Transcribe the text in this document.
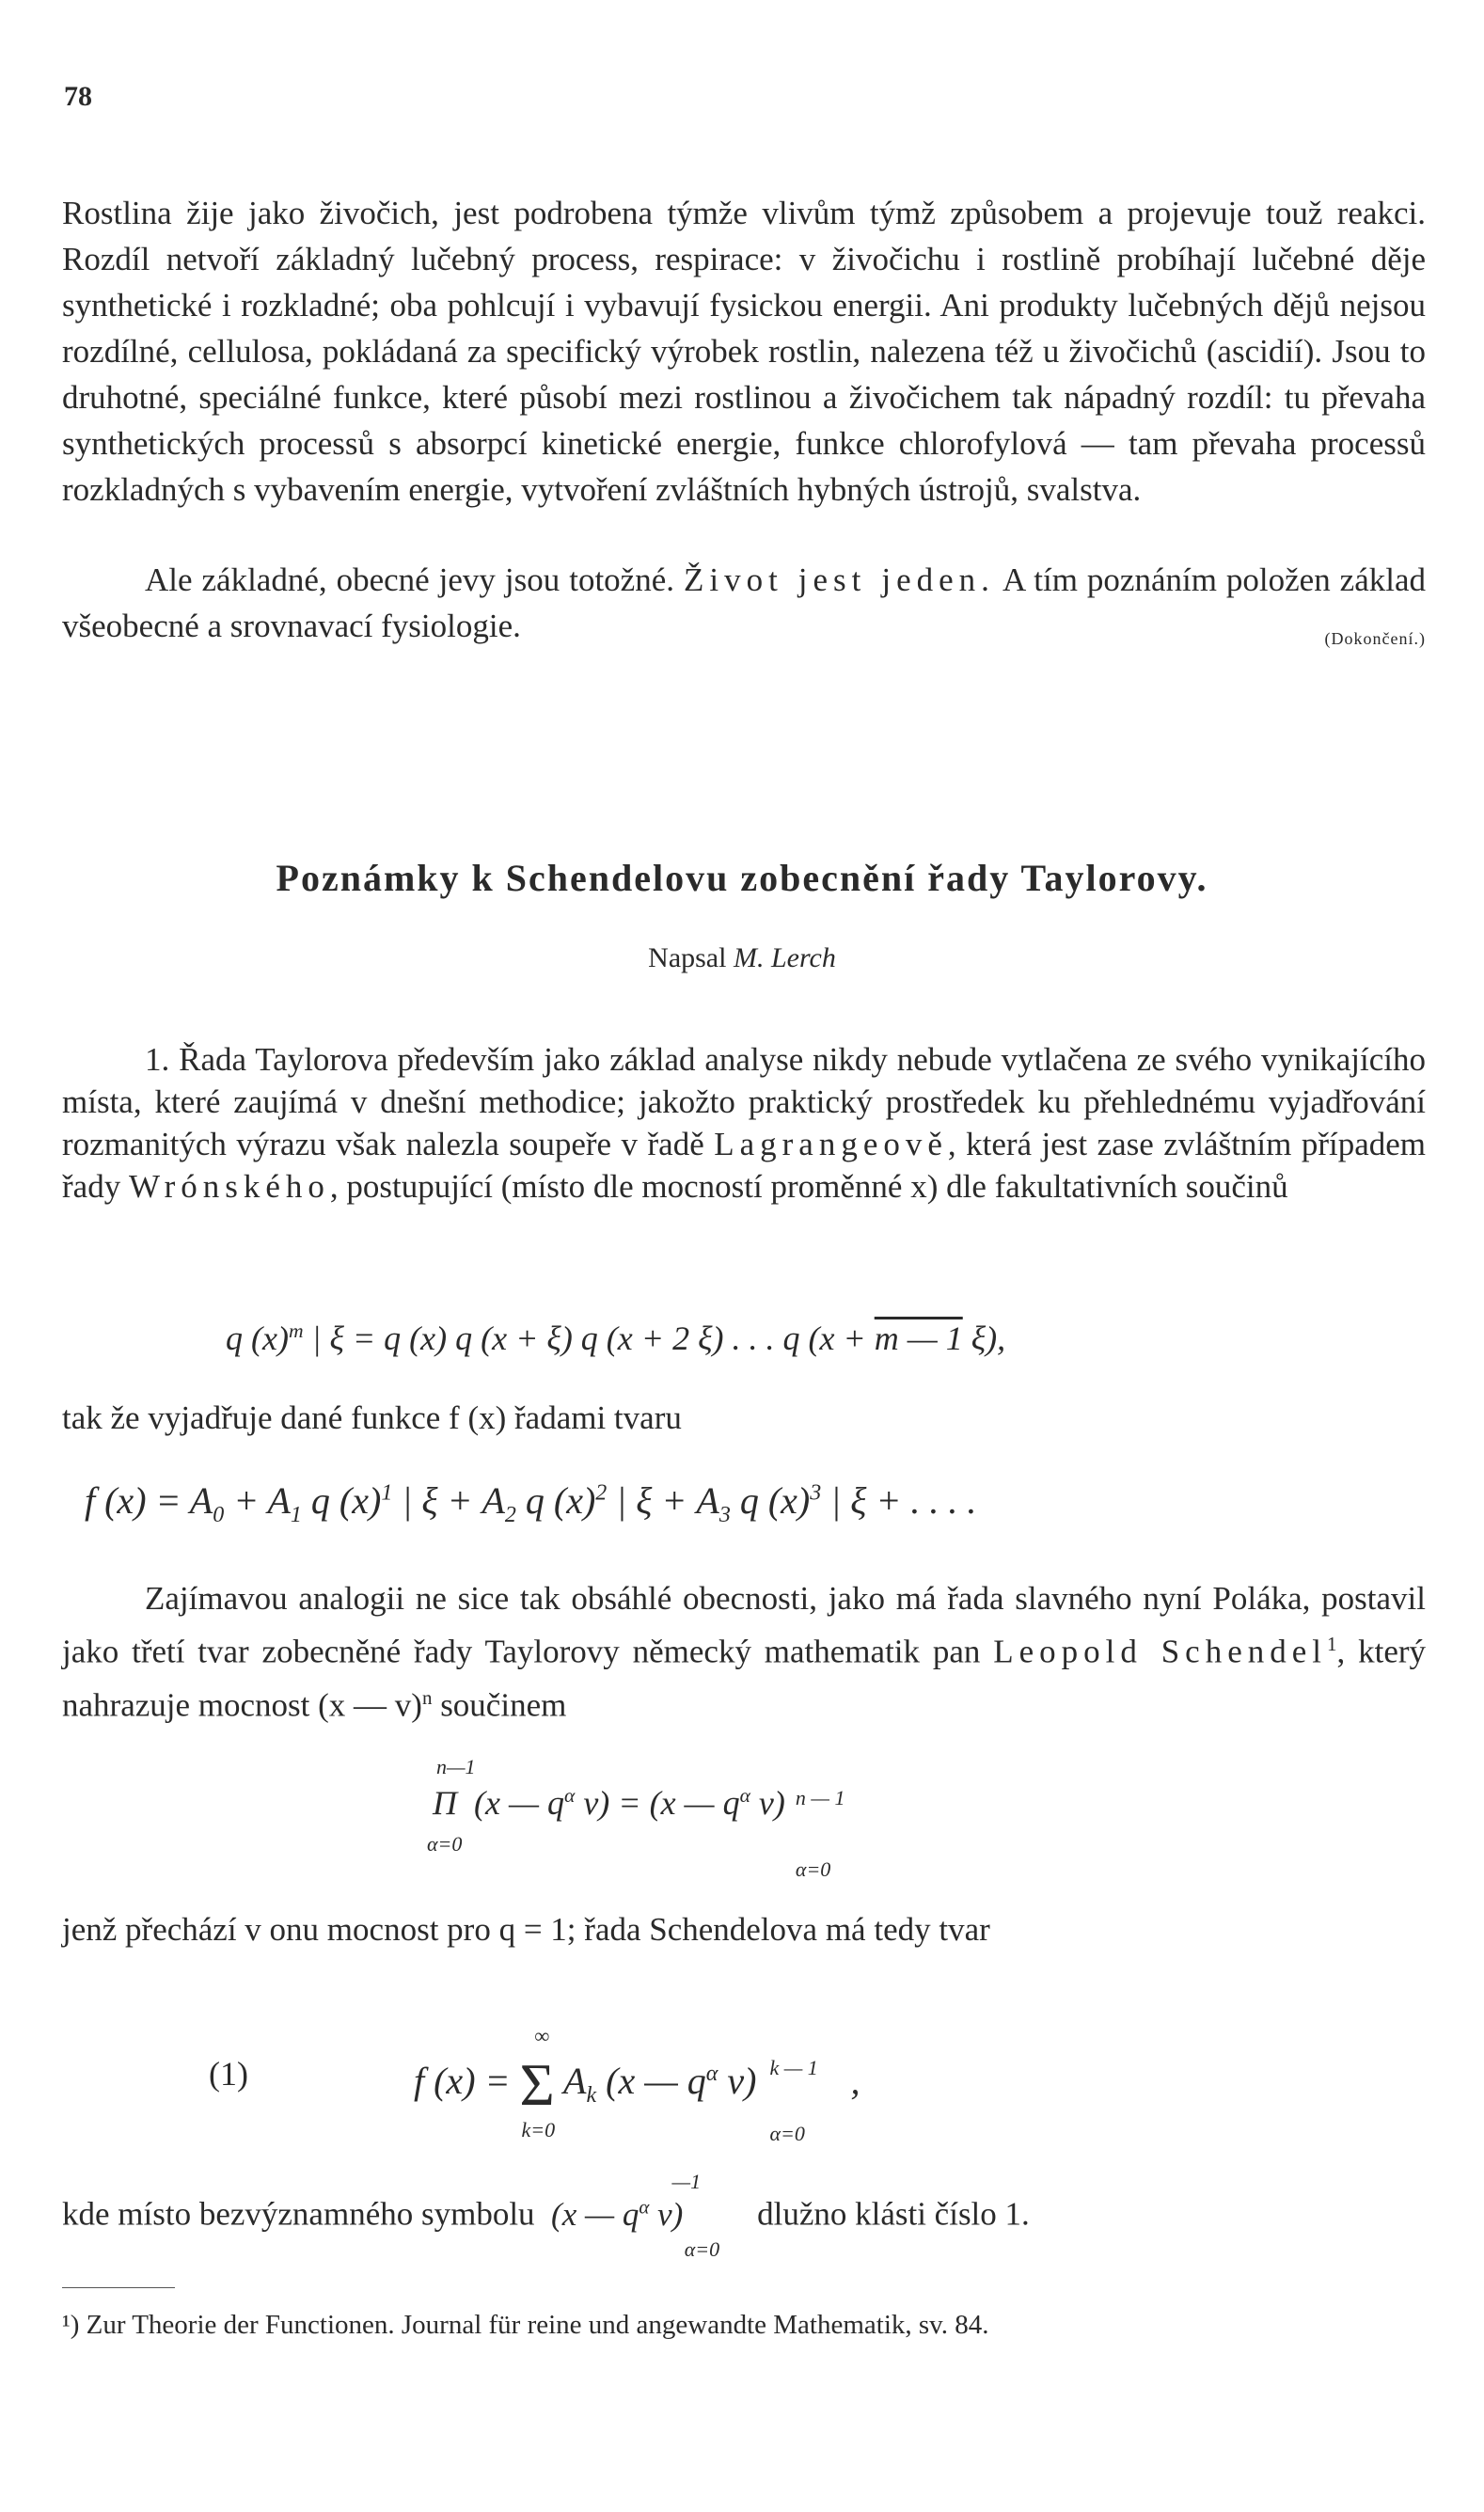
78
Rostlina žije jako živočich, jest podrobena týmže vlivům týmž způsobem a projevuje touž reakci. Rozdíl netvoří základný lučebný process, respirace: v živočichu i rostlině probíhají lučebné děje synthetické i rozkladné; oba pohlcují i vybavují fysickou energii. Ani produkty lučebných dějů nejsou rozdílné, cellulosa, pokládaná za specifický výrobek rostlin, nalezena též u živočichů (ascidií). Jsou to druhotné, speciálné funkce, které působí mezi rostlinou a živočichem tak nápadný rozdíl: tu převaha synthetických processů s absorpcí kinetické energie, funkce chlorofylová — tam převaha processů rozkladných s vybavením energie, vytvoření zvláštních hybných ústrojů, svalstva.
Ale základné, obecné jevy jsou totožné. Život jest jeden. A tím poznáním položen základ všeobecné a srovnavací fysiologie.	(Dokončení.)
Poznámky k Schendelovu zobecnění řady Taylorovy.
Napsal M. Lerch
1. Řada Taylorova především jako základ analyse nikdy nebude vytlačena ze svého vynikajícího místa, které zaujímá v dnešní methodice; jakožto praktický prostředek ku přehlednému vyjadřování rozmanitých výrazu však nalezla soupeře v řadě Lagrangeově, která jest zase zvláštním případem řady Wrónského, postupující (místo dle mocností proměnné x) dle fakultativních součinů
q $(x)^m$ | ξ = q (x) q (x + ξ) q (x + 2 ξ) . . . q (x + m — 1 ξ),
tak že vyjadřuje dané funkce f (x) řadami tvaru
f $(x) = A_0 + A_1$ q $(x)^1$ | $\xi + A_2$ q $(x)^2$ | $\xi + A_3$ q $(x)^3$ | ξ + . . . .
Zajímavou analogii ne sice tak obsáhlé obecnosti, jako má řada slavného nyní Poláka, postavil jako třetí tvar zobecněné řady Taylorovy německý mathematik pan Leopold Schendel$^1$, který nahrazuje mocnost (x — v)$^n$ součinem
n—1
Π
α=0
(x — $q^\alpha$ v) = (x — $q^\alpha$ v) n — 1
α=0
jenž přechází v onu mocnost pro q = 1; řada Schendelova má tedy tvar
(1)	f (x) =
∞
Σ
k=0
$A_k$ (x — $q^\alpha$ v) k — 1
α=0
,
kde místo bezvýznamného symbolu  (x — $q^\alpha$ v)
—1
α=0
dlužno klásti číslo 1.
¹) Zur Theorie der Functionen. Journal für reine und angewandte Mathematik, sv. 84.
